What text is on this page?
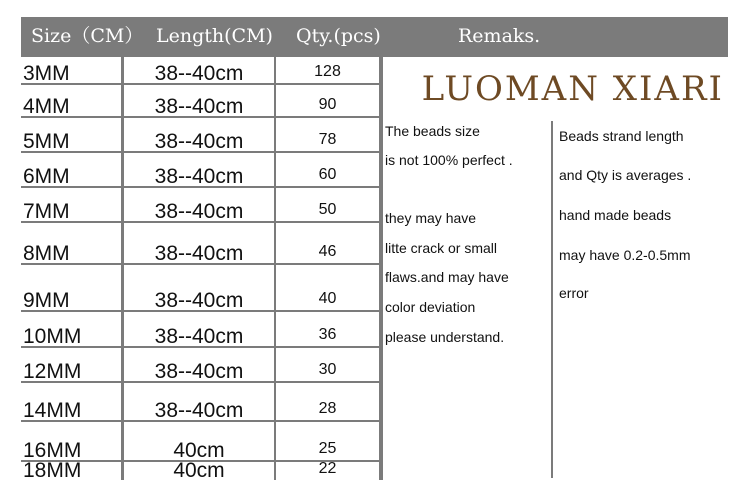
Size（CM） Length(CM) Qty.(pcs)	Remaks.
3MM	38--40cm	128
4MM	38--40cm	90
5MM	38--40cm	78
6MM	38--40cm	60
7MM	38--40cm	50
8MM	38--40cm	46
9MM	38--40cm	40
10MM	38--40cm	36
12MM	38--40cm	30
14MM	38--40cm	28
16MM	40cm	25
18MM	40cm	22
LUOMAN XIARI
The beads size
is not 100% perfect .
they may have
litte crack or small
flaws.and may have
color deviation
please understand.
Beads strand length
and Qty is averages .
hand made beads
may have 0.2-0.5mm
error
